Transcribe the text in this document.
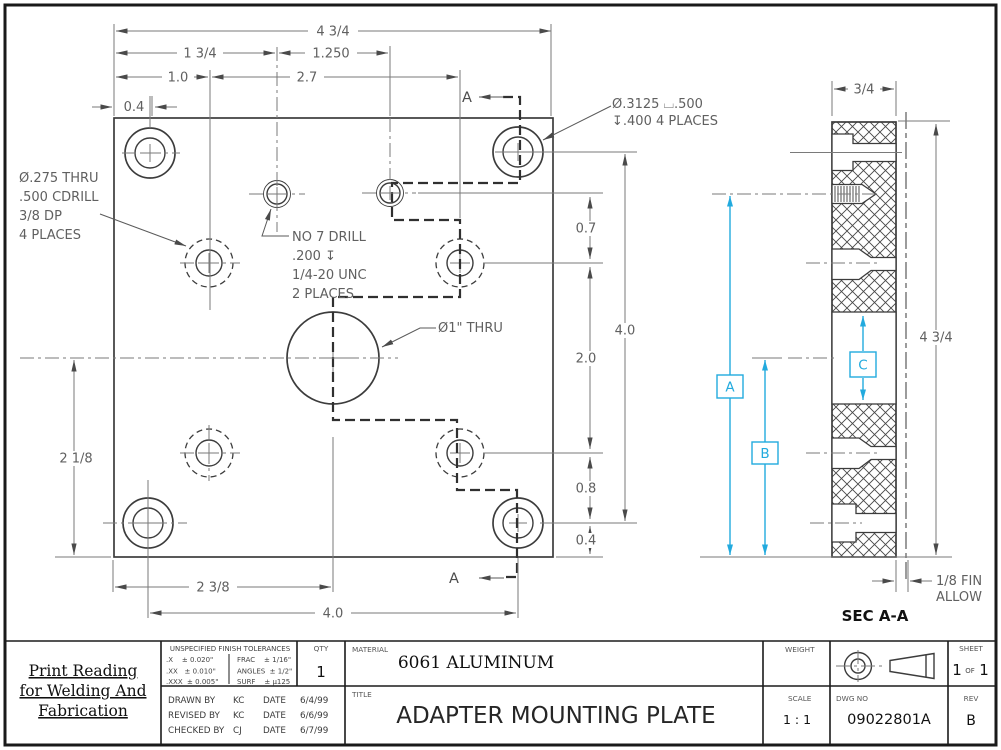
4 3/4
1 3/4	1.250
1.0	2.7
0.4
0.7
2.0
0.8
0.4
4.0
2 1/8
2 3/8
4.0
A
A
Ø.275 THRU
.500 CDRILL
3/8 DP
4 PLACES	NO 7 DRILL
.200 ↧
1/4-20 UNC
2 PLACES
Ø.3125 ⌴.500
↧.400 4 PLACES
Ø1" THRU
3/4
4 3/4
1/8 FIN
ALLOW
SEC A-A
A
B
C
Print Reading
for Welding And
Fabrication
UNSPECIFIED FINISH TOLERANCES
.X    ± 0.020"
.XX   ± 0.010"
.XXX  ± 0.005"
FRAC    ± 1/16"
ANGLES  ± 1/2"
SURF    ± µ125
QTY
1
MATERIAL
6061 ALUMINUM
DRAWN BY KC DATE 6/4/99
REVISED BY KC DATE 6/6/99
CHECKED BY CJ DATE 6/7/99
TITLE
ADAPTER MOUNTING PLATE
WEIGHT	SHEET
1 OF 1
SCALE
1 : 1
DWG NO
09022801A
REV
B
